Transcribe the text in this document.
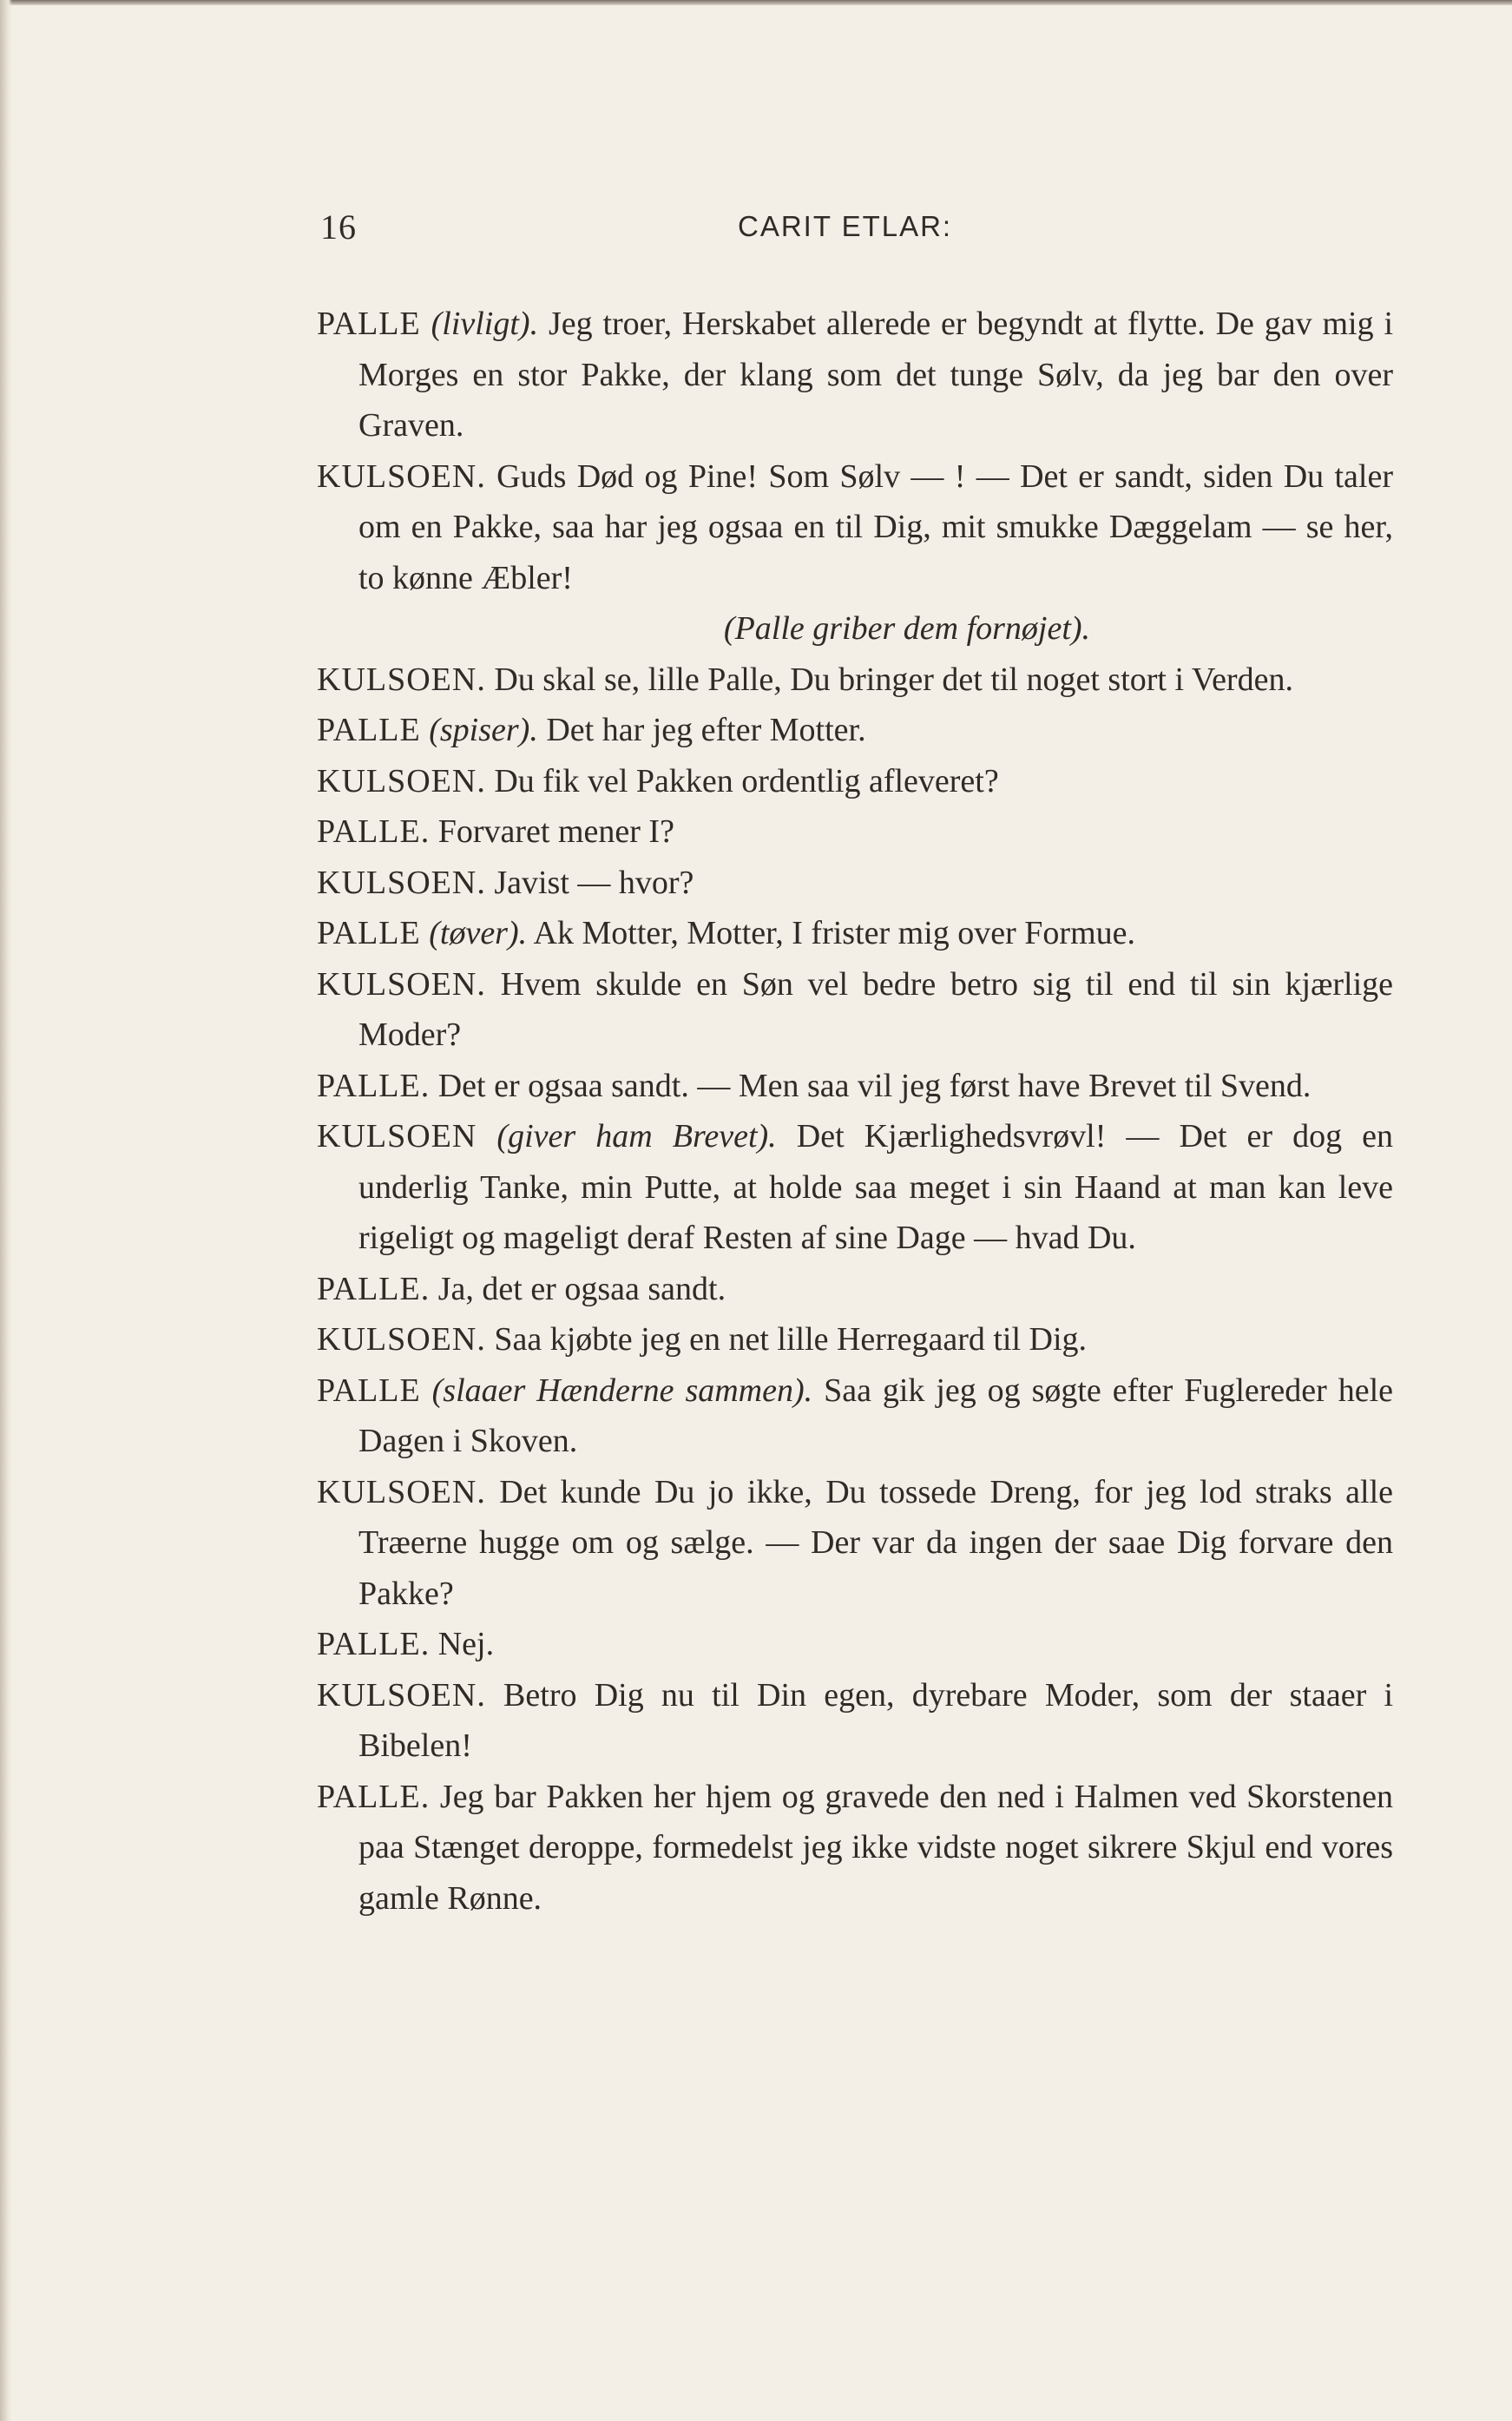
16	CARIT ETLAR:
PALLE (livligt). Jeg troer, Herskabet allerede er begyndt at flytte. De gav mig i Morges en stor Pakke, der klang som det tunge Sølv, da jeg bar den over Graven.
KULSOEN. Guds Død og Pine! Som Sølv — ! — Det er sandt, siden Du taler om en Pakke, saa har jeg ogsaa en til Dig, mit smukke Dæggelam — se her, to kønne Æbler!
(Palle griber dem fornøjet).
KULSOEN. Du skal se, lille Palle, Du bringer det til noget stort i Verden.
PALLE (spiser). Det har jeg efter Motter.
KULSOEN. Du fik vel Pakken ordentlig afleveret?
PALLE. Forvaret mener I?
KULSOEN. Javist — hvor?
PALLE (tøver). Ak Motter, Motter, I frister mig over Formue.
KULSOEN. Hvem skulde en Søn vel bedre betro sig til end til sin kjærlige Moder?
PALLE. Det er ogsaa sandt. — Men saa vil jeg først have Brevet til Svend.
KULSOEN (giver ham Brevet). Det Kjærlighedsvrøvl! — Det er dog en underlig Tanke, min Putte, at holde saa meget i sin Haand at man kan leve rigeligt og mageligt deraf Resten af sine Dage — hvad Du.
PALLE. Ja, det er ogsaa sandt.
KULSOEN. Saa kjøbte jeg en net lille Herregaard til Dig.
PALLE (slaaer Hænderne sammen). Saa gik jeg og søgte efter Fuglereder hele Dagen i Skoven.
KULSOEN. Det kunde Du jo ikke, Du tossede Dreng, for jeg lod straks alle Træerne hugge om og sælge. — Der var da ingen der saae Dig forvare den Pakke?
PALLE. Nej.
KULSOEN. Betro Dig nu til Din egen, dyrebare Moder, som der staaer i Bibelen!
PALLE. Jeg bar Pakken her hjem og gravede den ned i Halmen ved Skorstenen paa Stænget deroppe, formedelst jeg ikke vidste noget sikrere Skjul end vores gamle Rønne.
